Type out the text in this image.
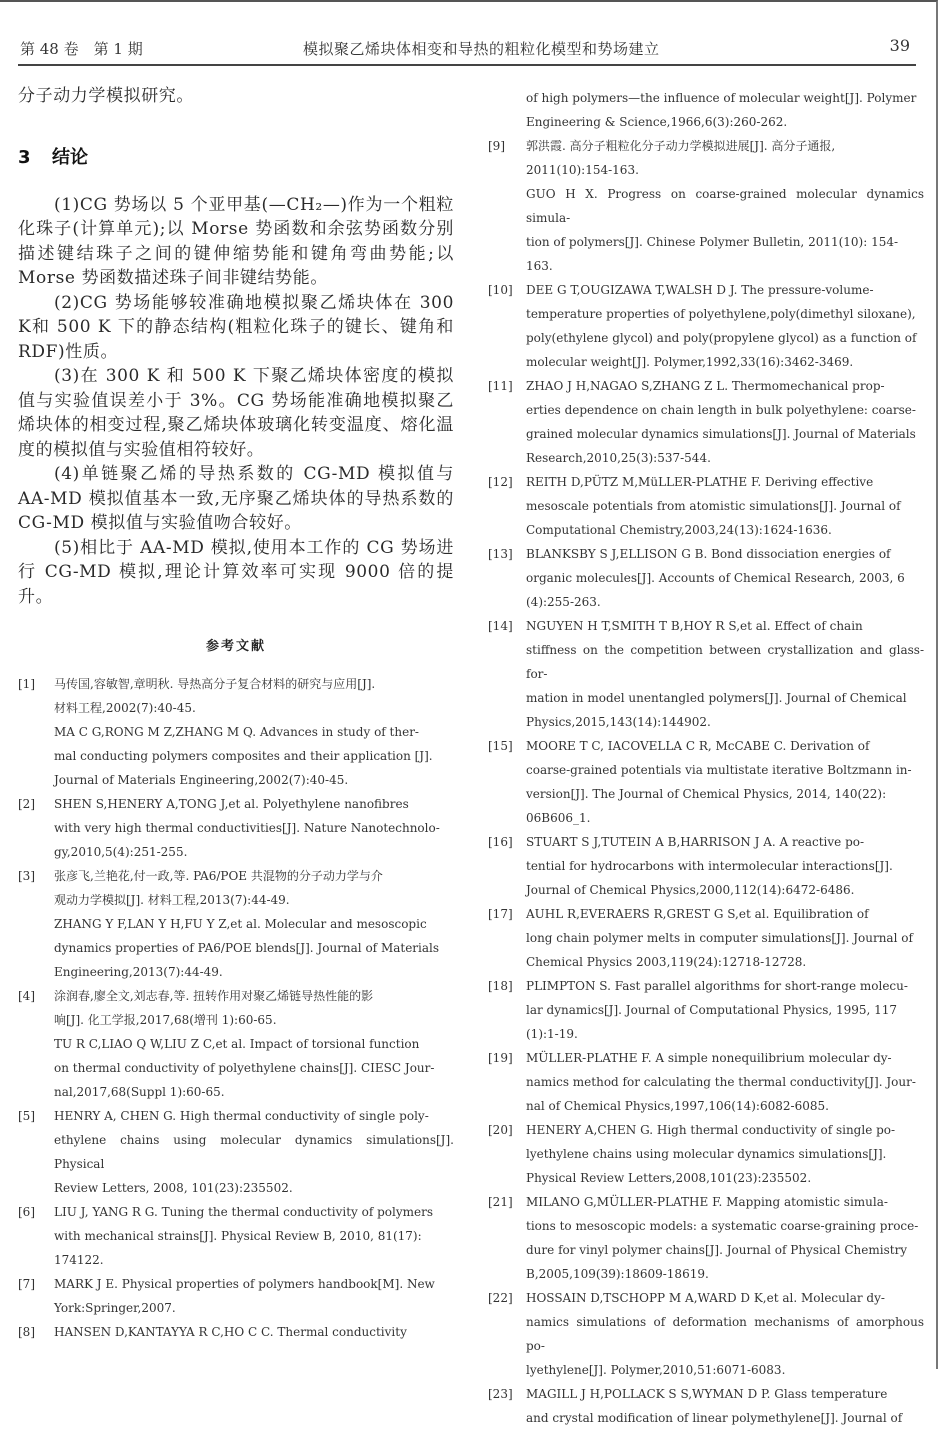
第 48 卷　第 1 期	模拟聚乙烯块体相变和导热的粗粒化模型和势场建立	39

分子动力学模拟研究。

3 结论

(1)CG 势场以 5 个亚甲基(—CH₂—)作为一个粗粒化珠子(计算单元);以 Morse 势函数和余弦势函数分别描述键结珠子之间的键伸缩势能和键角弯曲势能;以 Morse 势函数描述珠子间非键结势能。

(2)CG 势场能够较准确地模拟聚乙烯块体在 300 K和 500 K 下的静态结构(粗粒化珠子的键长、键角和 RDF)性质。

(3)在 300 K 和 500 K 下聚乙烯块体密度的模拟值与实验值误差小于 3%。CG 势场能准确地模拟聚乙烯块体的相变过程,聚乙烯块体玻璃化转变温度、熔化温度的模拟值与实验值相符较好。

(4)单链聚乙烯的导热系数的 CG-MD 模拟值与 AA-MD 模拟值基本一致,无序聚乙烯块体的导热系数的 CG-MD 模拟值与实验值吻合较好。

(5)相比于 AA-MD 模拟,使用本工作的 CG 势场进行 CG-MD 模拟,理论计算效率可实现 9000 倍的提升。

参考文献
[1] 马传国,容敏智,章明秋. 导热高分子复合材料的研究与应用[J].
材料工程,2002(7):40-45.
MA C G,RONG M Z,ZHANG M Q. Advances in study of ther-
mal conducting polymers composites and their application [J].
Journal of Materials Engineering,2002(7):40-45.
[2] SHEN S,HENERY A,TONG J,et al. Polyethylene nanofibres
with very high thermal conductivities[J]. Nature Nanotechnolo-
gy,2010,5(4):251-255.
[3] 张彦飞,兰艳花,付一政,等. PA6/POE 共混物的分子动力学与介
观动力学模拟[J]. 材料工程,2013(7):44-49.
ZHANG Y F,LAN Y H,FU Y Z,et al. Molecular and mesoscopic
dynamics properties of PA6/POE blends[J]. Journal of Materials
Engineering,2013(7):44-49.
[4] 涂润春,廖全文,刘志春,等. 扭转作用对聚乙烯链导热性能的影
响[J]. 化工学报,2017,68(增刊 1):60-65.
TU R C,LIAO Q W,LIU Z C,et al. Impact of torsional function
on thermal conductivity of polyethylene chains[J]. CIESC Jour-
nal,2017,68(Suppl 1):60-65.
[5] HENRY A, CHEN G. High thermal conductivity of single poly-
ethylene chains using molecular dynamics simulations[J]. Physical
Review Letters, 2008, 101(23):235502.
[6] LIU J, YANG R G. Tuning the thermal conductivity of polymers
with mechanical strains[J]. Physical Review B, 2010, 81(17):
174122.
[7] MARK J E. Physical properties of polymers handbook[M]. New
York:Springer,2007.
[8] HANSEN D,KANTAYYA R C,HO C C. Thermal conductivity
of high polymers—the influence of molecular weight[J]. Polymer
Engineering & Science,1966,6(3):260-262.
[9] 郭洪霞. 高分子粗粒化分子动力学模拟进展[J]. 高分子通报,
2011(10):154-163.
GUO H X. Progress on coarse-grained molecular dynamics simula-
tion of polymers[J]. Chinese Polymer Bulletin, 2011(10): 154-
163.
[10] DEE G T,OUGIZAWA T,WALSH D J. The pressure-volume-
temperature properties of polyethylene,poly(dimethyl siloxane),
poly(ethylene glycol) and poly(propylene glycol) as a function of
molecular weight[J]. Polymer,1992,33(16):3462-3469.
[11] ZHAO J H,NAGAO S,ZHANG Z L. Thermomechanical prop-
erties dependence on chain length in bulk polyethylene: coarse-
grained molecular dynamics simulations[J]. Journal of Materials
Research,2010,25(3):537-544.
[12] REITH D,PÜTZ M,MüLLER-PLATHE F. Deriving effective
mesoscale potentials from atomistic simulations[J]. Journal of
Computational Chemistry,2003,24(13):1624-1636.
[13] BLANKSBY S J,ELLISON G B. Bond dissociation energies of
organic molecules[J]. Accounts of Chemical Research, 2003, 6
(4):255-263.
[14] NGUYEN H T,SMITH T B,HOY R S,et al. Effect of chain
stiffness on the competition between crystallization and glass-for-
mation in model unentangled polymers[J]. Journal of Chemical
Physics,2015,143(14):144902.
[15] MOORE T C, IACOVELLA C R, McCABE C. Derivation of
coarse-grained potentials via multistate iterative Boltzmann in-
version[J]. The Journal of Chemical Physics, 2014, 140(22):
06B606_1.
[16] STUART S J,TUTEIN A B,HARRISON J A. A reactive po-
tential for hydrocarbons with intermolecular interactions[J].
Journal of Chemical Physics,2000,112(14):6472-6486.
[17] AUHL R,EVERAERS R,GREST G S,et al. Equilibration of
long chain polymer melts in computer simulations[J]. Journal of
Chemical Physics 2003,119(24):12718-12728.
[18] PLIMPTON S. Fast parallel algorithms for short-range molecu-
lar dynamics[J]. Journal of Computational Physics, 1995, 117
(1):1-19.
[19] MÜLLER-PLATHE F. A simple nonequilibrium molecular dy-
namics method for calculating the thermal conductivity[J]. Jour-
nal of Chemical Physics,1997,106(14):6082-6085.
[20] HENERY A,CHEN G. High thermal conductivity of single po-
lyethylene chains using molecular dynamics simulations[J].
Physical Review Letters,2008,101(23):235502.
[21] MILANO G,MÜLLER-PLATHE F. Mapping atomistic simula-
tions to mesoscopic models: a systematic coarse-graining proce-
dure for vinyl polymer chains[J]. Journal of Physical Chemistry
B,2005,109(39):18609-18619.
[22] HOSSAIN D,TSCHOPP M A,WARD D K,et al. Molecular dy-
namics simulations of deformation mechanisms of amorphous po-
lyethylene[J]. Polymer,2010,51:6071-6083.
[23] MAGILL J H,POLLACK S S,WYMAN D P. Glass temperature
and crystal modification of linear polymethylene[J]. Journal of
